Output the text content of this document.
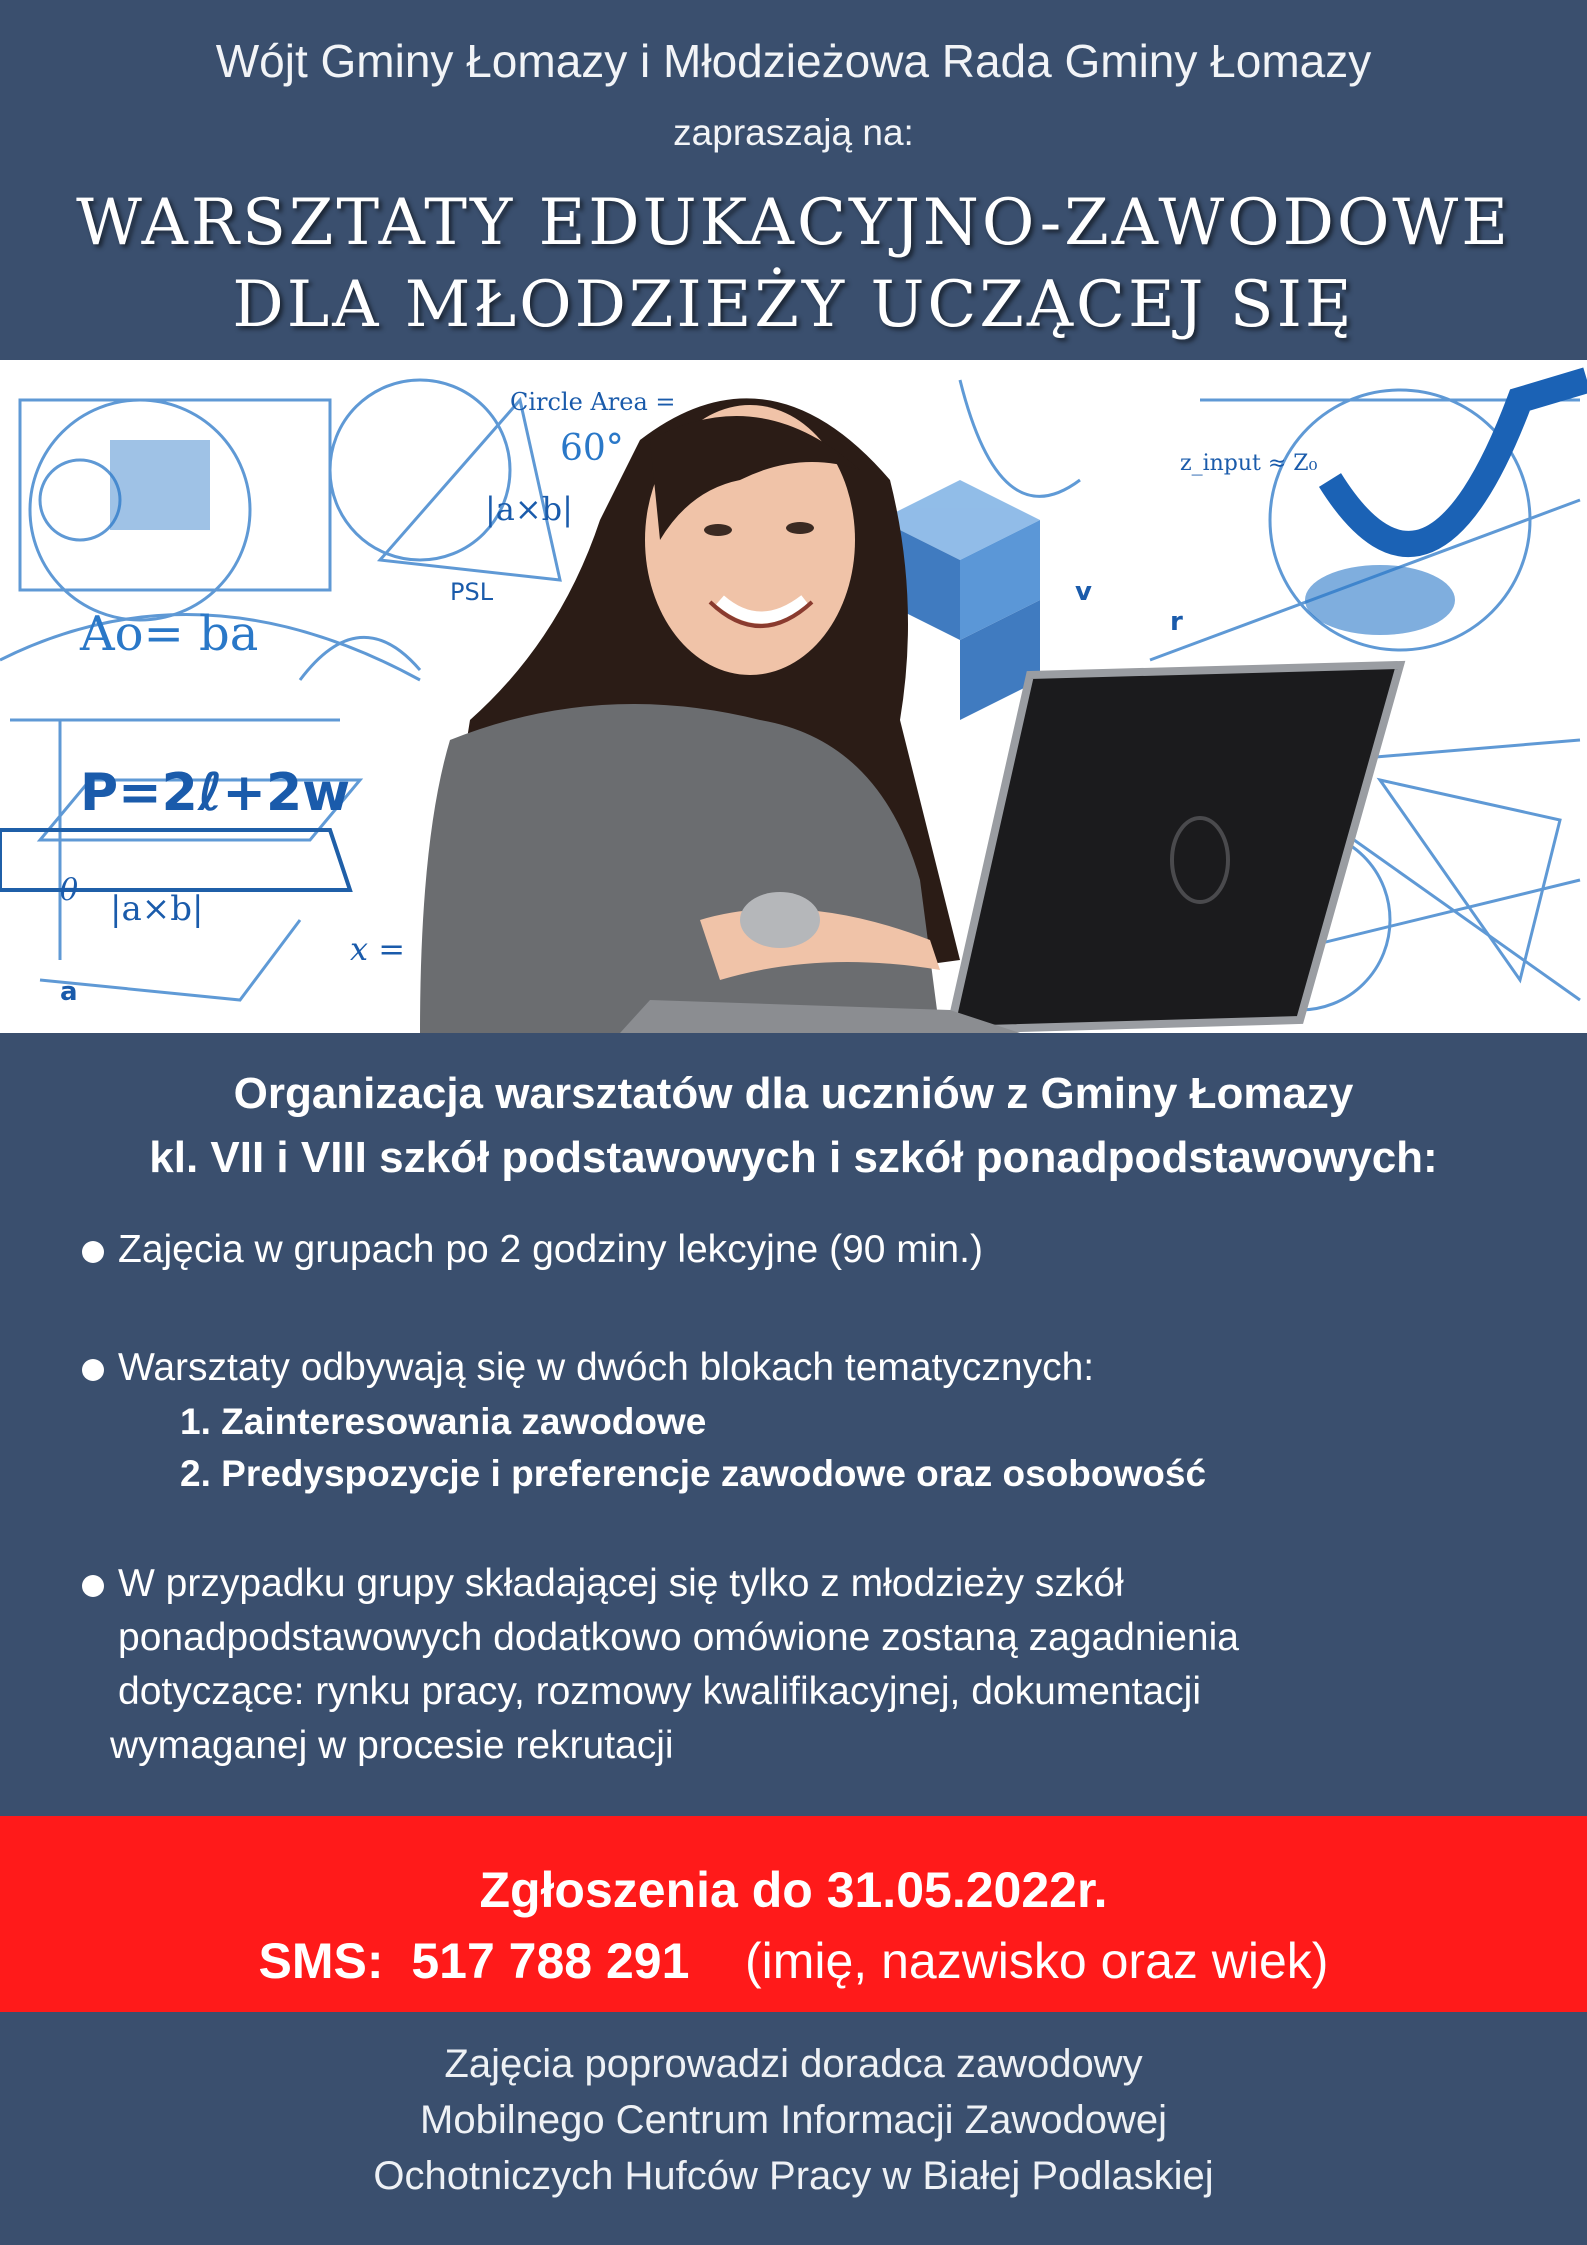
Wójt Gminy Łomazy i Młodzieżowa Rada Gminy Łomazy
zapraszają na:
WARSZTATY EDUKACYJNO-ZAWODOWE
DLA MŁODZIEŻY UCZĄCEJ SIĘ
P=2ℓ+2w
Circle Area =
|a×b|
|a×b|
PSL
z_input ≈ Z₀
Ao= ba
60°
a
x =
v
r
θ
Organizacja warsztatów dla uczniów z Gminy Łomazy
kl. VII i VIII szkół podstawowych i szkół ponadpodstawowych:
Zajęcia w grupach po 2 godziny lekcyjne (90 min.)
Warsztaty odbywają się w dwóch blokach tematycznych:
1. Zainteresowania zawodowe
2. Predyspozycje i preferencje zawodowe oraz osobowość
W przypadku grupy składającej się tylko z młodzieży szkół
ponadpodstawowych dodatkowo omówione zostaną zagadnienia
dotyczące: rynku pracy, rozmowy kwalifikacyjnej, dokumentacji
wymaganej w procesie rekrutacji
Zgłoszenia do 31.05.2022r.
SMS: 517 788 291 (imię, nazwisko oraz wiek)
Zajęcia poprowadzi doradca zawodowy
Mobilnego Centrum Informacji Zawodowej
Ochotniczych Hufców Pracy w Białej Podlaskiej
